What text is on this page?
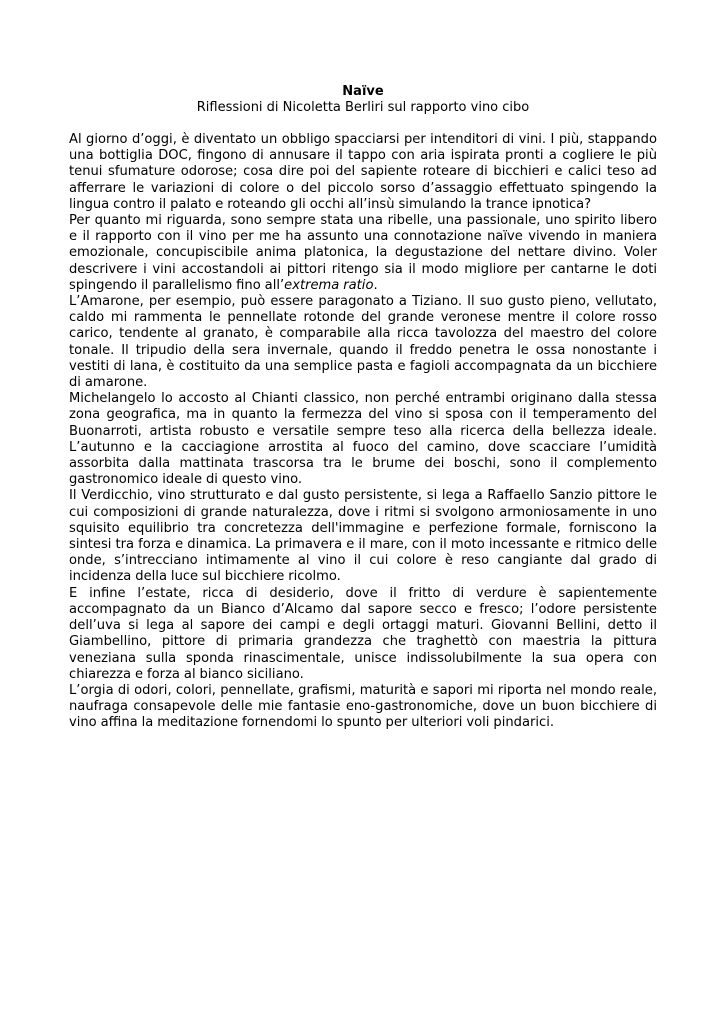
Naïve

Riflessioni di Nicoletta Berliri sul rapporto vino cibo

Al giorno d’oggi, è diventato un obbligo spacciarsi per intenditori di vini. I più, stappando una bottiglia DOC, fingono di annusare il tappo con aria ispirata pronti a cogliere le più tenui sfumature odorose; cosa dire poi del sapiente roteare di bicchieri e calici teso ad afferrare le variazioni di colore o del piccolo sorso d’assaggio effettuato spingendo la lingua contro il palato e roteando gli occhi all’insù simulando la trance ipnotica?

Per quanto mi riguarda, sono sempre stata una ribelle, una passionale, uno spirito libero e il rapporto con il vino per me ha assunto una connotazione naïve vivendo in maniera emozionale, concupiscibile anima platonica, la degustazione del nettare divino. Voler descrivere i vini accostandoli ai pittori ritengo sia il modo migliore per cantarne le doti spingendo il parallelismo fino all’extrema ratio.

L’Amarone, per esempio, può essere paragonato a Tiziano. Il suo gusto pieno, vellutato, caldo mi rammenta le pennellate rotonde del grande veronese mentre il colore rosso carico, tendente al granato, è comparabile alla ricca tavolozza del maestro del colore tonale. Il tripudio della sera invernale, quando il freddo penetra le ossa nonostante i vestiti di lana, è costituito da una semplice pasta e fagioli accompagnata da un bicchiere di amarone.

Michelangelo lo accosto al Chianti classico, non perché entrambi originano dalla stessa zona geografica, ma in quanto la fermezza del vino si sposa con il temperamento del Buonarroti, artista robusto e versatile sempre teso alla ricerca della bellezza ideale. L’autunno e la cacciagione arrostita al fuoco del camino, dove scacciare l’umidità assorbita dalla mattinata trascorsa tra le brume dei boschi, sono il complemento gastronomico ideale di questo vino.

Il Verdicchio, vino strutturato e dal gusto persistente, si lega a Raffaello Sanzio pittore le cui composizioni di grande naturalezza, dove i ritmi si svolgono armoniosamente in uno squisito equilibrio tra concretezza dell'immagine e perfezione formale, forniscono la sintesi tra forza e dinamica. La primavera e il mare, con il moto incessante e ritmico delle onde, s’intrecciano intimamente al vino il cui colore è reso cangiante dal grado di incidenza della luce sul bicchiere ricolmo.

E infine l’estate, ricca di desiderio, dove il fritto di verdure è sapientemente accompagnato da un Bianco d’Alcamo dal sapore secco e fresco; l’odore persistente dell’uva si lega al sapore dei campi e degli ortaggi maturi. Giovanni Bellini, detto il Giambellino, pittore di primaria grandezza che traghettò con maestria la pittura veneziana sulla sponda rinascimentale, unisce indissolubilmente la sua opera con chiarezza e forza al bianco siciliano.

L’orgia di odori, colori, pennellate, grafismi, maturità e sapori mi riporta nel mondo reale, naufraga consapevole delle mie fantasie eno-gastronomiche, dove un buon bicchiere di vino affina la meditazione fornendomi lo spunto per ulteriori voli pindarici.
